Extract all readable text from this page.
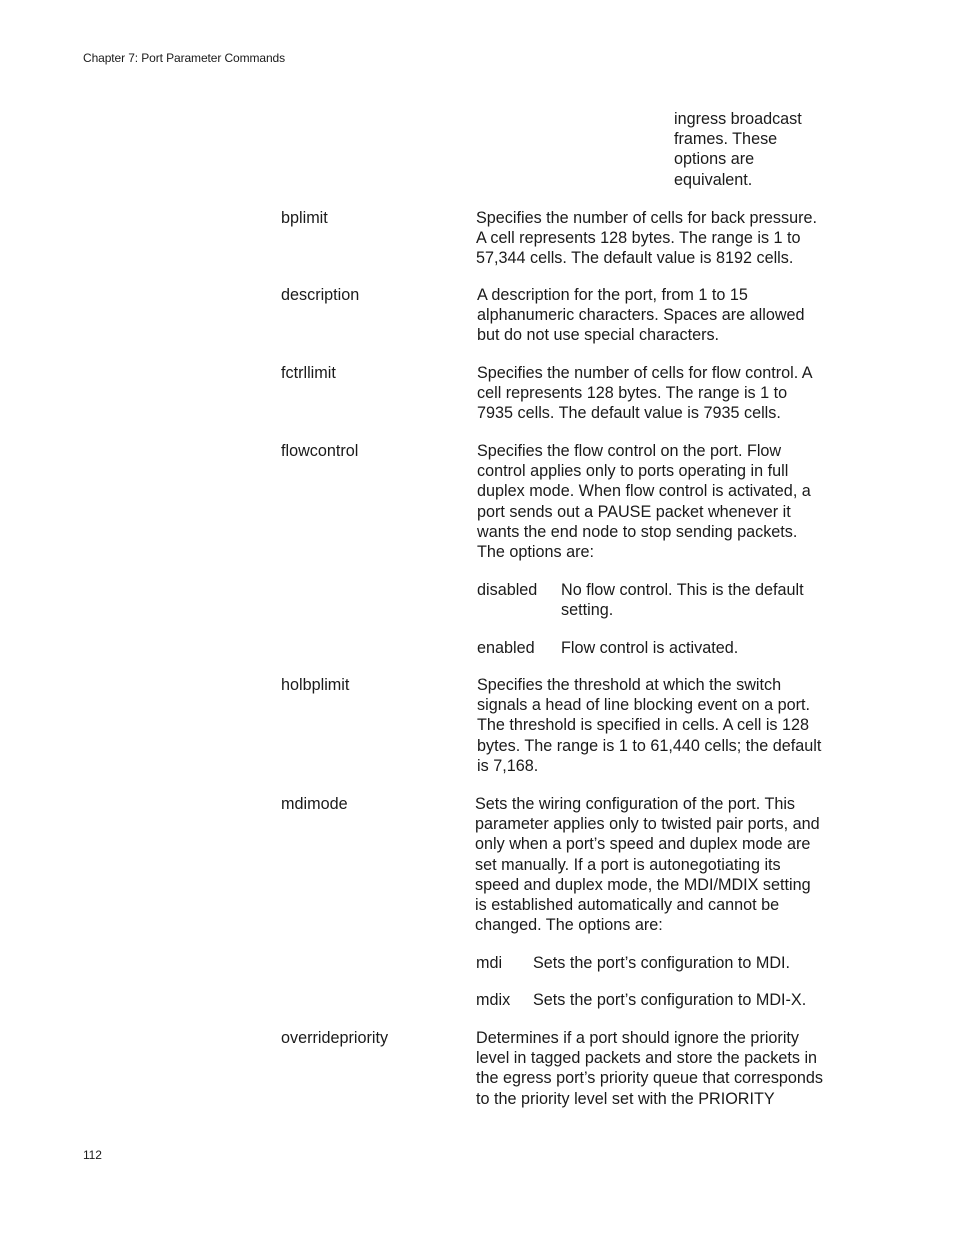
Chapter 7: Port Parameter Commands
ingress broadcast
frames. These
options are
equivalent.
bplimit	Specifies the number of cells for back pressure.
A cell represents 128 bytes. The range is 1 to
57,344 cells. The default value is 8192 cells.
description	A description for the port, from 1 to 15
alphanumeric characters. Spaces are allowed
but do not use special characters.
fctrllimit	Specifies the number of cells for flow control. A
cell represents 128 bytes. The range is 1 to
7935 cells. The default value is 7935 cells.
flowcontrol	Specifies the flow control on the port. Flow
control applies only to ports operating in full
duplex mode. When flow control is activated, a
port sends out a PAUSE packet whenever it
wants the end node to stop sending packets.
The options are:
disabled No flow control. This is the default
setting.
enabled Flow control is activated.
holbplimit	Specifies the threshold at which the switch
signals a head of line blocking event on a port.
The threshold is specified in cells. A cell is 128
bytes. The range is 1 to 61,440 cells; the default
is 7,168.
mdimode	Sets the wiring configuration of the port. This
parameter applies only to twisted pair ports, and
only when a port’s speed and duplex mode are
set manually. If a port is autonegotiating its
speed and duplex mode, the MDI/MDIX setting
is established automatically and cannot be
changed. The options are:
mdi Sets the port’s configuration to MDI.
mdix Sets the port’s configuration to MDI-X.
overridepriority	Determines if a port should ignore the priority
level in tagged packets and store the packets in
the egress port’s priority queue that corresponds
to the priority level set with the PRIORITY
112
